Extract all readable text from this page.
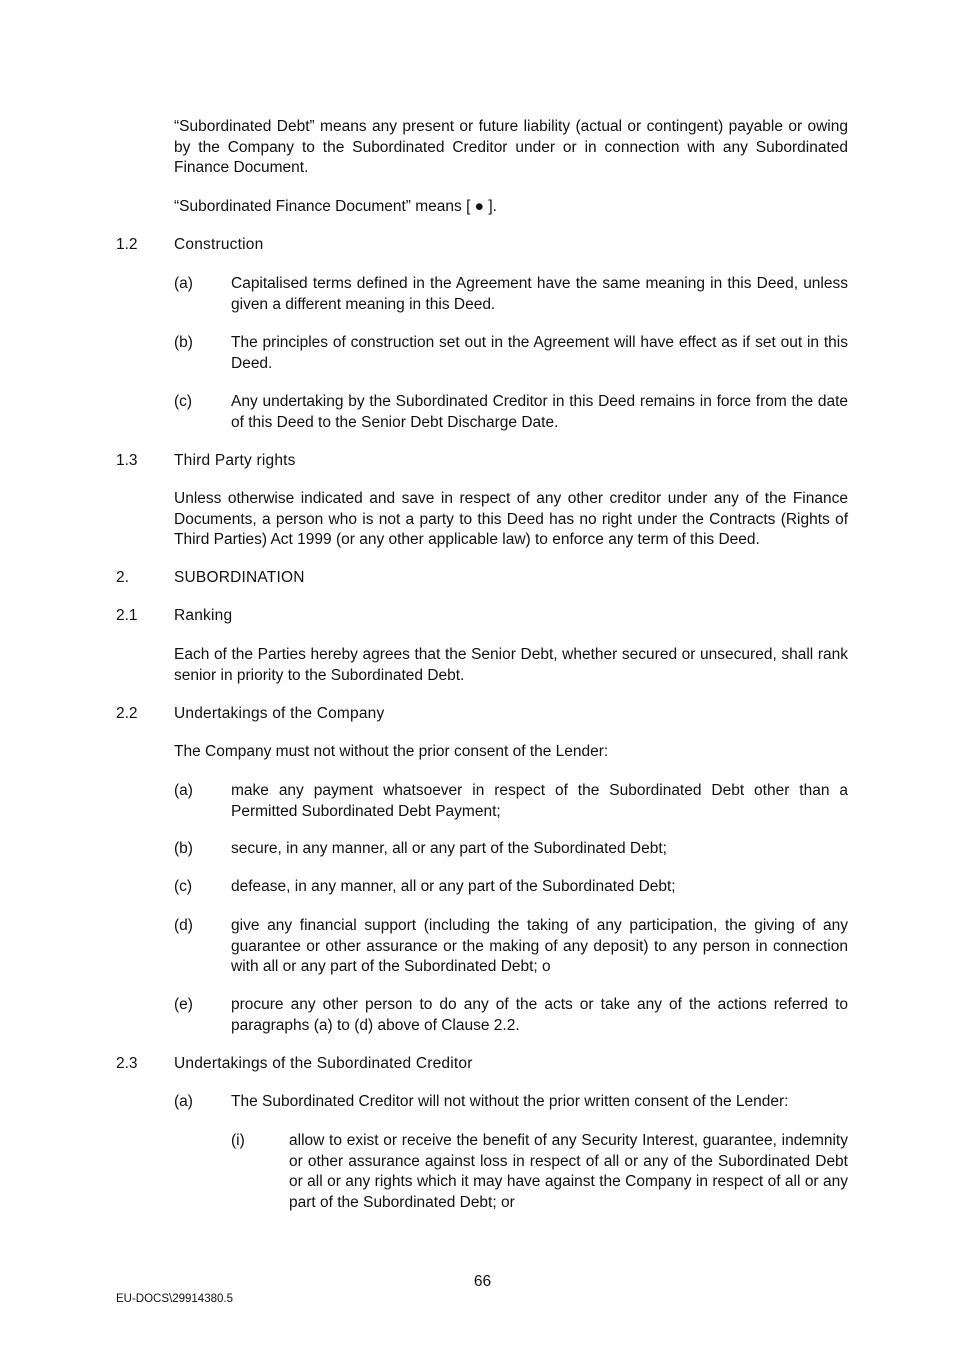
“Subordinated Debt” means any present or future liability (actual or contingent) payable or owing by the Company to the Subordinated Creditor under or in connection with any Subordinated Finance Document.
“Subordinated Finance Document” means [ ● ].
1.2 Construction
(a) Capitalised terms defined in the Agreement have the same meaning in this Deed, unless given a different meaning in this Deed.
(b) The principles of construction set out in the Agreement will have effect as if set out in this Deed.
(c)	Any undertaking by the Subordinated Creditor in this Deed remains in force from the date of this Deed to the Senior Debt Discharge Date.
1.3 Third Party rights
Unless otherwise indicated and save in respect of any other creditor under any of the Finance Documents, a person who is not a party to this Deed has no right under the Contracts (Rights of Third Parties) Act 1999 (or any other applicable law) to enforce any term of this Deed.
2.	SUBORDINATION
2.1 Ranking
Each of the Parties hereby agrees that the Senior Debt, whether secured or unsecured, shall rank senior in priority to the Subordinated Debt.
2.2 Undertakings of the Company
The Company must not without the prior consent of the Lender:
(a) make any payment whatsoever in respect of the Subordinated Debt other than a Permitted Subordinated Debt Payment;
(b) secure, in any manner, all or any part of the Subordinated Debt;
(c)	defease, in any manner, all or any part of the Subordinated Debt;
(d) give any financial support (including the taking of any participation, the giving of any guarantee or other assurance or the making of any deposit) to any person in connection with all or any part of the Subordinated Debt; o
(e) procure any other person to do any of the acts or take any of the actions referred to paragraphs (a) to (d) above of Clause 2.2.
2.3 Undertakings of the Subordinated Creditor
(a) The Subordinated Creditor will not without the prior written consent of the Lender:
(i)	allow to exist or receive the benefit of any Security Interest, guarantee, indemnity or other assurance against loss in respect of all or any of the Subordinated Debt or all or any rights which it may have against the Company in respect of all or any part of the Subordinated Debt; or
66
EU-DOCS\29914380.5
